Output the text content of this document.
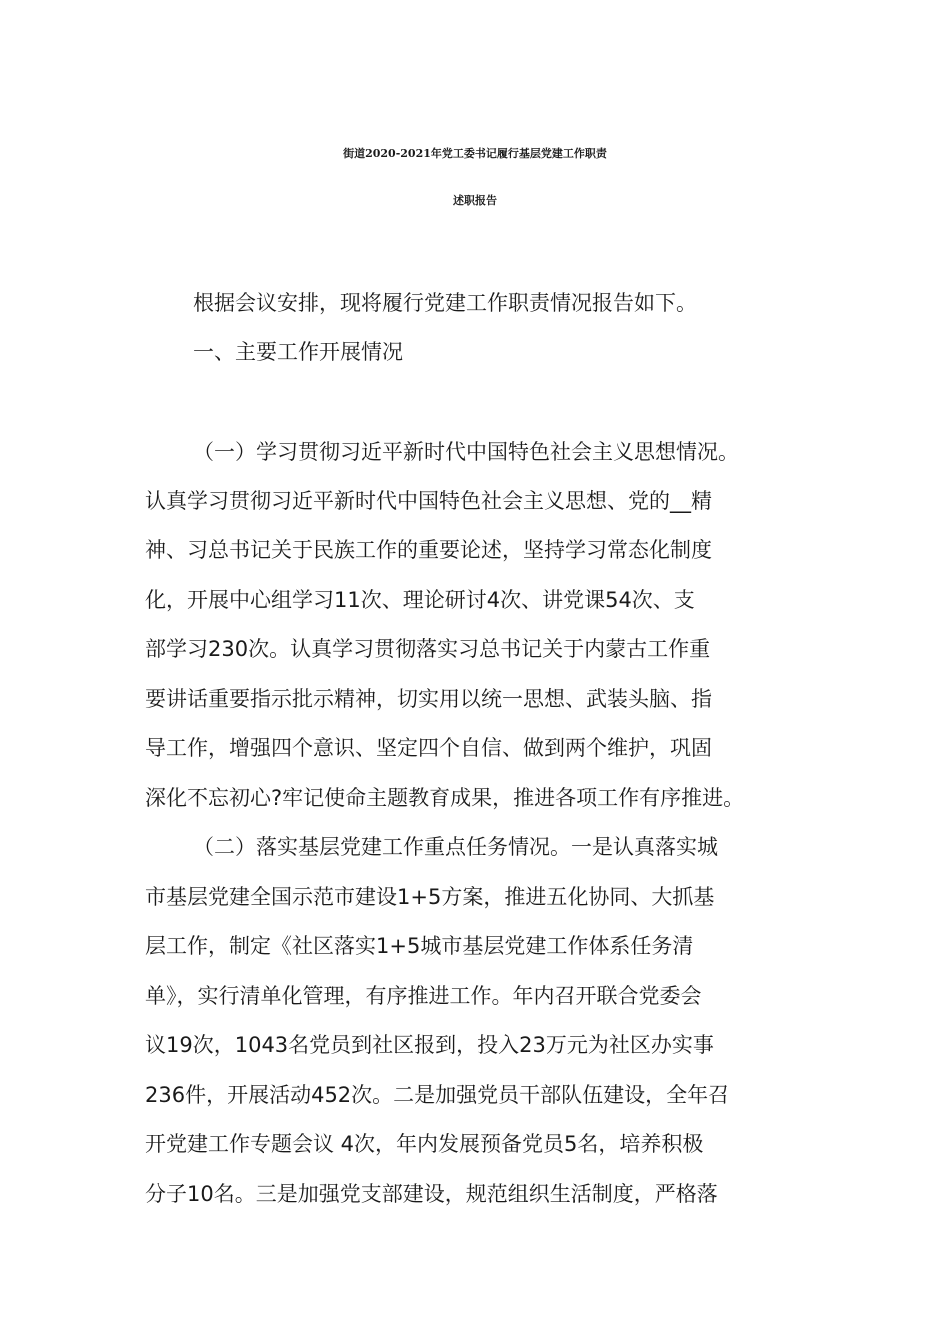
街道2020-2021年党工委书记履行基层党建工作职责
述职报告

根据会议安排，现将履行党建工作职责情况报告如下。

一、主要工作开展情况

（一）学习贯彻习近平新时代中国特色社会主义思想情况。

认真学习贯彻习近平新时代中国特色社会主义思想、党的__精

神、习总书记关于民族工作的重要论述，坚持学习常态化制度

化，开展中心组学习11次、理论研讨4次、讲党课54次、支

部学习230次。认真学习贯彻落实习总书记关于内蒙古工作重

要讲话重要指示批示精神，切实用以统一思想、武装头脑、指

导工作，增强四个意识、坚定四个自信、做到两个维护，巩固

深化不忘初心?牢记使命主题教育成果，推进各项工作有序推进。

（二）落实基层党建工作重点任务情况。一是认真落实城

市基层党建全国示范市建设1+5方案，推进五化协同、大抓基

层工作，制定《社区落实1+5城市基层党建工作体系任务清

单》，实行清单化管理，有序推进工作。年内召开联合党委会

议19次，1043名党员到社区报到，投入23万元为社区办实事

236件，开展活动452次。二是加强党员干部队伍建设，全年召

开党建工作专题会议 4次，年内发展预备党员5名，培养积极

分子10名。三是加强党支部建设，规范组织生活制度，严格落
